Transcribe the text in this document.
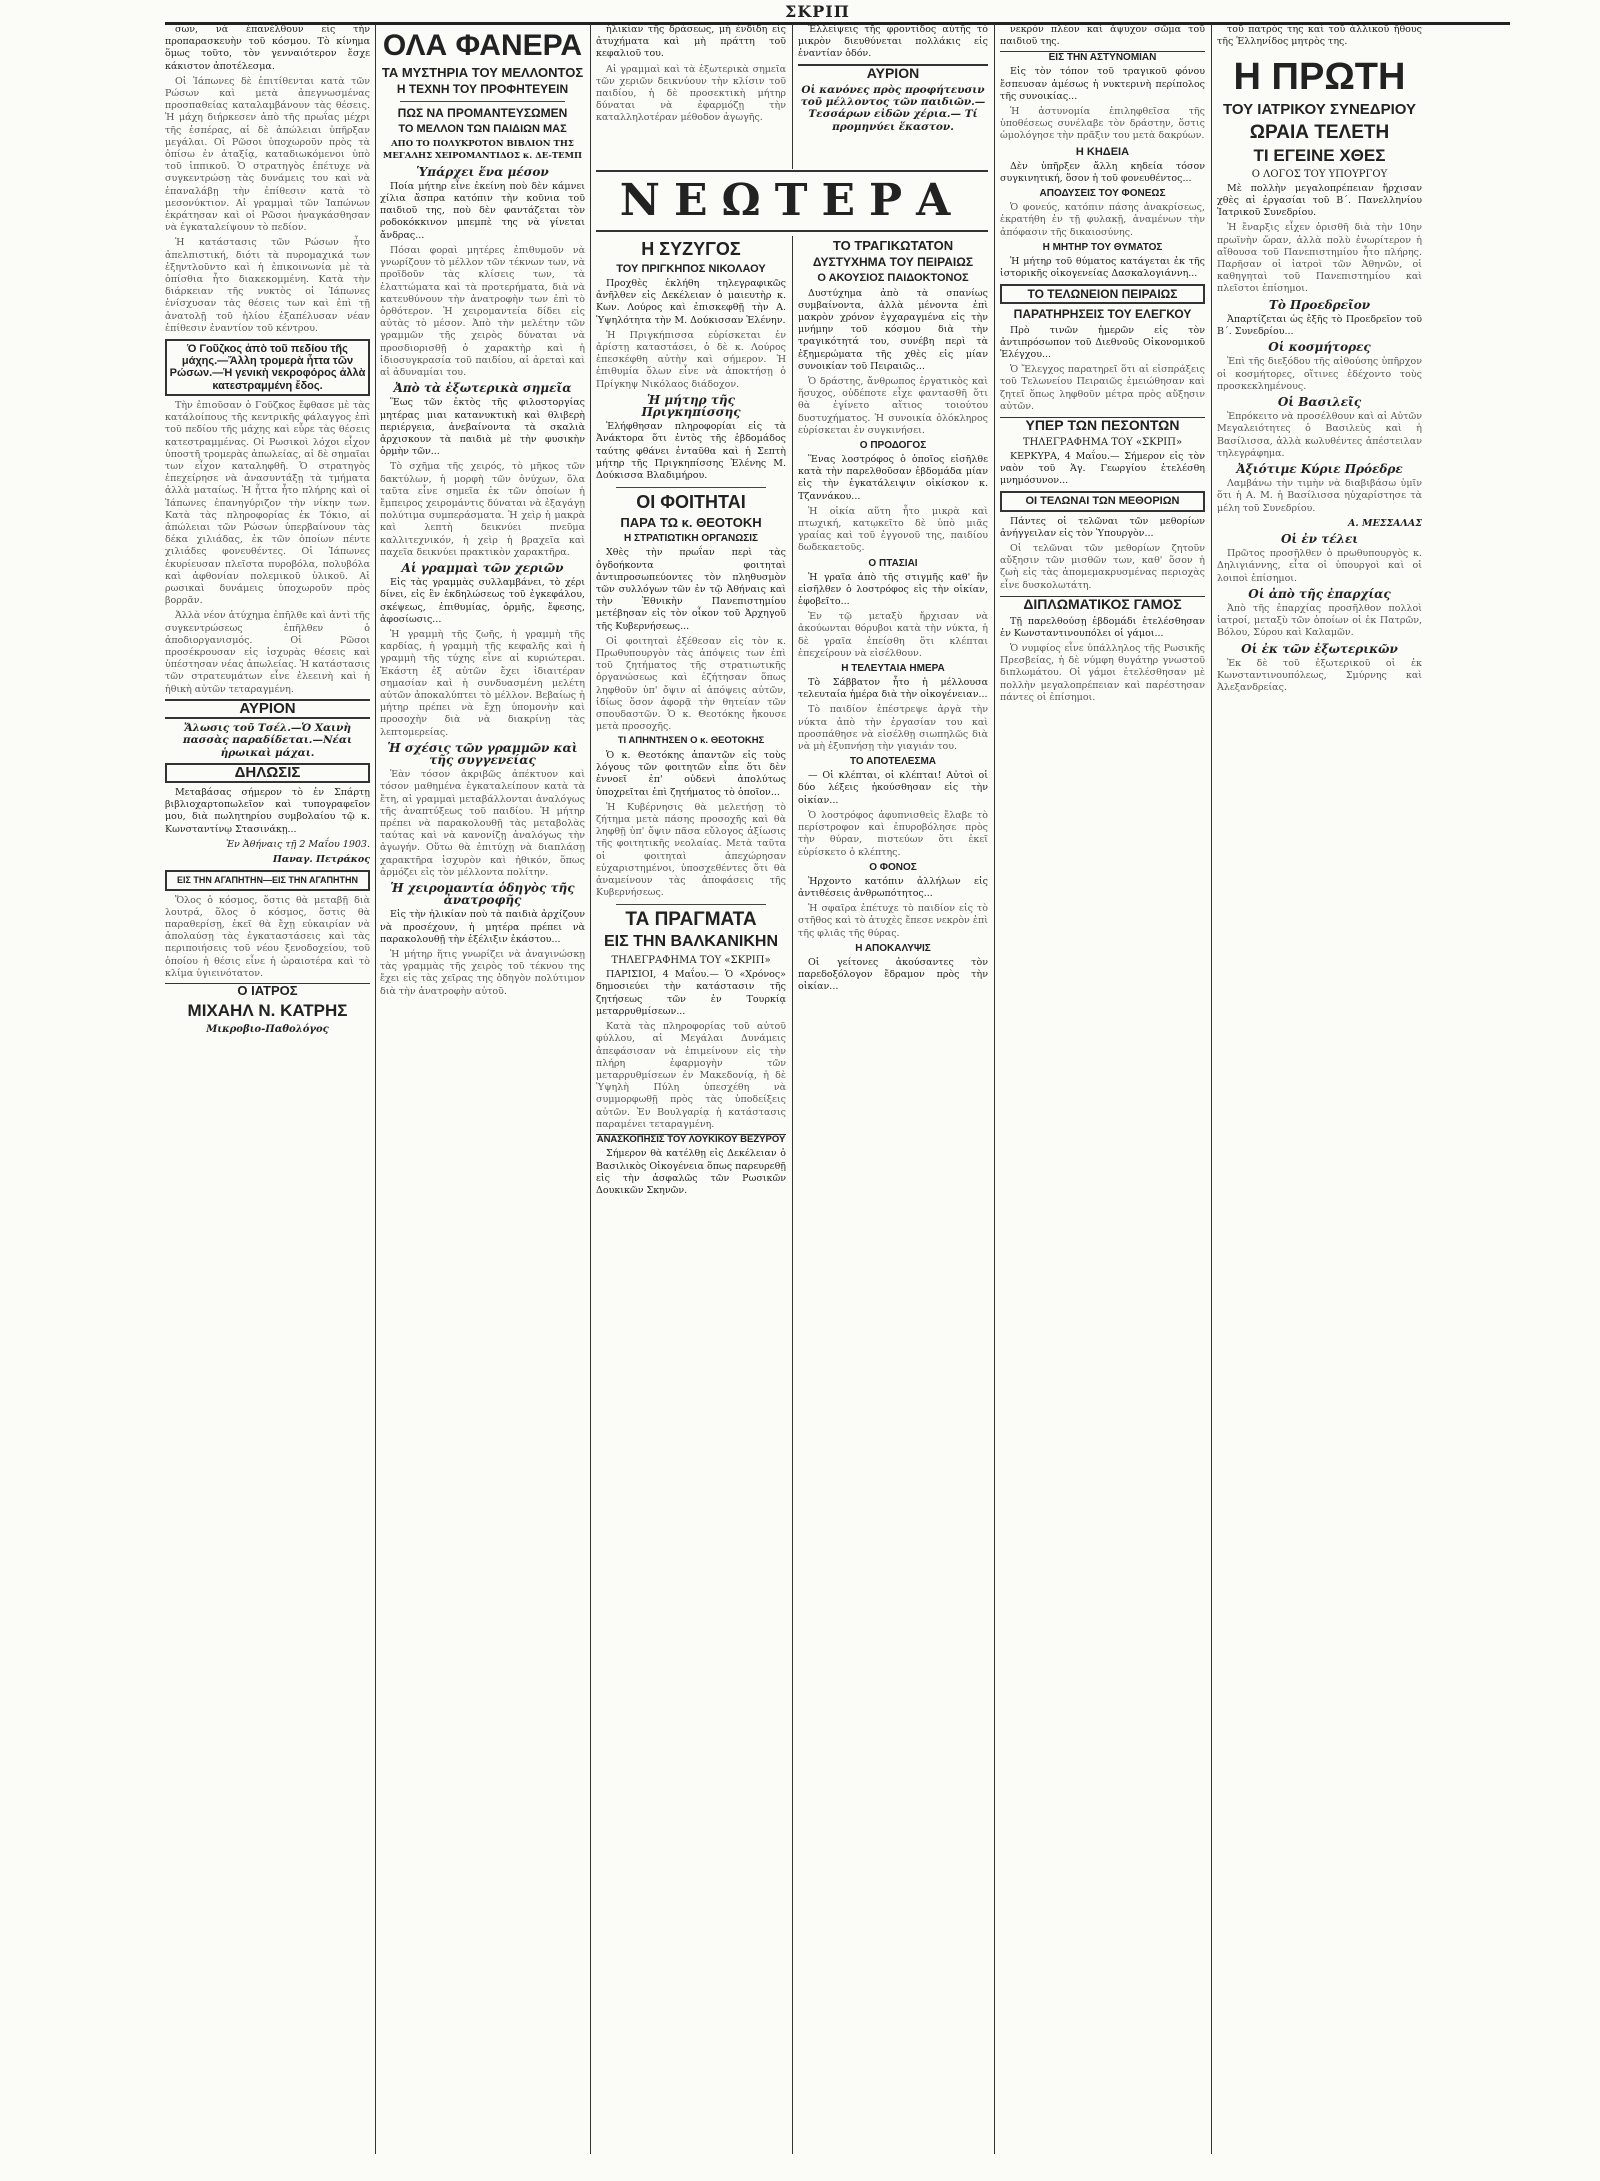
ΣΚΡΙΠ

σων, νὰ ἐπανέλθουν εἰς τὴν προπαρασκευὴν τοῦ κόσμου. Τὸ κίνημα ὅμως τοῦτο, τὸν γενναιότερον ἔσχε κάκιστον ἀποτέλεσμα.

Οἱ Ἰάπωνες δὲ ἐπιτίθενται κατὰ τῶν Ρώσων καὶ μετὰ ἀπεγνωσμένας προσπαθείας καταλαμβάνουν τὰς θέσεις. Ἡ μάχη διήρκεσεν ἀπὸ τῆς πρωΐας μέχρι τῆς ἑσπέρας, αἱ δὲ ἀπώλειαι ὑπῆρξαν μεγάλαι. Οἱ Ρῶσοι ὑποχωροῦν πρὸς τὰ ὀπίσω ἐν ἀταξίᾳ, καταδιωκόμενοι ὑπὸ τοῦ ἱππικοῦ. Ὁ στρατηγὸς ἐπέτυχε νὰ συγκεντρώσῃ τὰς δυνάμεις του καὶ νὰ ἐπαναλάβῃ τὴν ἐπίθεσιν κατὰ τὸ μεσονύκτιον. Αἱ γραμμαὶ τῶν Ἰαπώνων ἐκράτησαν καὶ οἱ Ρῶσοι ἠναγκάσθησαν νὰ ἐγκαταλείψουν τὸ πεδίον.

Ἡ κατάστασις τῶν Ρώσων ἦτο ἀπελπιστική, διότι τὰ πυρομαχικά των ἐξηντλοῦντο καὶ ἡ ἐπικοινωνία μὲ τὰ ὀπίσθια ἦτο διακεκομμένη. Κατὰ τὴν διάρκειαν τῆς νυκτὸς οἱ Ἰάπωνες ἐνίσχυσαν τὰς θέσεις των καὶ ἐπὶ τῇ ἀνατολῇ τοῦ ἡλίου ἐξαπέλυσαν νέαν ἐπίθεσιν ἐναντίον τοῦ κέντρου.

Ὁ Γοῦζκος ἀπὸ τοῦ πεδίου τῆς μάχης.—Ἄλλη τρομερὰ ἧττα τῶν Ρώσων.—Ἡ γενικὴ νεκροφόρος ἀλλὰ κατεστραμμένη ἔδος.

Τὴν ἐπιοῦσαν ὁ Γοῦζκος ἔφθασε μὲ τὰς κατάλοίπους τῆς κεντρικῆς φάλαγγος ἐπὶ τοῦ πεδίου τῆς μάχης καὶ εὗρε τὰς θέσεις κατεστραμμένας. Οἱ Ρωσικοὶ λόχοι εἶχον ὑποστῆ τρομερὰς ἀπωλείας, αἱ δὲ σημαῖαι των εἶχον καταληφθῆ. Ὁ στρατηγὸς ἐπεχείρησε νὰ ἀνασυντάξῃ τὰ τμήματα ἀλλὰ ματαίως. Ἡ ἧττα ἦτο πλήρης καὶ οἱ Ἰάπωνες ἐπανηγύριζον τὴν νίκην των. Κατὰ τὰς πληροφορίας ἐκ Τόκιο, αἱ ἀπώλειαι τῶν Ρώσων ὑπερβαίνουν τὰς δέκα χιλιάδας, ἐκ τῶν ὁποίων πέντε χιλιάδες φονευθέντες. Οἱ Ἰάπωνες ἐκυρίευσαν πλεῖστα πυροβόλα, πολυβόλα καὶ ἀφθονίαν πολεμικοῦ ὑλικοῦ. Αἱ ρωσικαὶ δυνάμεις ὑποχωροῦν πρὸς βορρᾶν.

Ἀλλὰ νέον ἀτύχημα ἐπῆλθε καὶ ἀντὶ τῆς συγκεντρώσεως ἐπῆλθεν ὁ ἀποδιοργανισμός. Οἱ Ρῶσοι προσέκρουσαν εἰς ἰσχυρὰς θέσεις καὶ ὑπέστησαν νέας ἀπωλείας. Ἡ κατάστασις τῶν στρατευμάτων εἶνε ἐλεεινὴ καὶ ἡ ἠθικὴ αὐτῶν τεταραγμένη.

ΑΥΡΙΟΝ
Ἄλωσις τοῦ Τσέλ.—Ὁ Χαινὴ πασσὰς παραδίδεται.—Νέαι ἡρωικαὶ μάχαι.
ΔΗΛΩΣΙΣ

Μεταβάσας σήμερον τὸ ἐν Σπάρτῃ βιβλιοχαρτοπωλεῖον καὶ τυπογραφεῖον μου, διὰ πωλητηρίου συμβολαίου τῷ κ. Κωνσταντίνῳ Στασινάκῃ...

Ἐν Ἀθήναις τῇ 2 Μαΐου 1903.

Παναγ. Πετράκος

ΕΙΣ ΤΗΝ ΑΓΑΠΗΤΗΝ—ΕΙΣ ΤΗΝ ΑΓΑΠΗΤΗΝ

Ὅλος ὁ κόσμος, ὅστις θὰ μεταβῇ διὰ λουτρά, ὅλος ὁ κόσμος, ὅστις θὰ παραθερίσῃ, ἐκεῖ θὰ ἔχῃ εὐκαιρίαν νὰ ἀπολαύσῃ τὰς ἐγκαταστάσεις καὶ τὰς περιποιήσεις τοῦ νέου ξενοδοχείου, τοῦ ὁποίου ἡ θέσις εἶνε ἡ ὡραιοτέρα καὶ τὸ κλίμα ὑγιεινότατον.

Ο ΙΑΤΡΟΣ
ΜΙΧΑΗΛ Ν. ΚΑΤΡΗΣ
Μικροβιο-Παθολόγος
ΟΛΑ ΦΑΝΕΡΑ
ΤΑ ΜΥΣΤΗΡΙΑ ΤΟΥ ΜΕΛΛΟΝΤΟΣ
Η ΤΕΧΝΗ ΤΟΥ ΠΡΟΦΗΤΕΥΕΙΝ
ΠΩΣ ΝΑ ΠΡΟΜΑΝΤΕΥΣΩΜΕΝ
ΤΟ ΜΕΛΛΟΝ ΤΩΝ ΠΑΙΔΙΩΝ ΜΑΣ
ΑΠΟ ΤΟ ΠΟΛΥΚΡΟΤΟΝ ΒΙΒΛΙΟΝ ΤΗΣ ΜΕΓΑΛΗΣ ΧΕΙΡΟΜΑΝΤΙΔΟΣ κ. ΔΕ-ΤΕΜΠ
Ὑπάρχει ἕνα μέσον

Ποία μήτηρ εἶνε ἐκείνη ποὺ δὲν κάμνει χίλια ἄσπρα κατόπιν τὴν κοῦνια τοῦ παιδιοῦ της, ποὺ δὲν φαντάζεται τὸν ροδοκόκκινον μπεμπὲ της νὰ γίνεται ἄνδρας...

Πόσαι φοραὶ μητέρες ἐπιθυμοῦν νὰ γνωρίζουν τὸ μέλλον τῶν τέκνων των, νὰ προϊδοῦν τὰς κλίσεις των, τὰ ἐλαττώματα καὶ τὰ προτερήματα, διὰ νὰ κατευθύνουν τὴν ἀνατροφὴν των ἐπὶ τὸ ὀρθότερον. Ἡ χειρομαντεία δίδει εἰς αὐτὰς τὸ μέσον. Ἀπὸ τὴν μελέτην τῶν γραμμῶν τῆς χειρὸς δύναται νὰ προσδιορισθῇ ὁ χαρακτὴρ καὶ ἡ ἰδιοσυγκρασία τοῦ παιδίου, αἱ ἀρεταὶ καὶ αἱ ἀδυναμίαι του.

Ἀπὸ τὰ ἐξωτερικὰ σημεῖα

Ἕως τῶν ἐκτὸς τῆς φιλοστοργίας μητέρας μιαι κατανυκτικὴ καὶ θλιβερὴ περιέργεια, ἀνεβαίνοντα τὰ σκαλιὰ ἀρχισκουν τὰ παιδιὰ μὲ τὴν φυσικὴν ὁρμὴν τῶν...

Τὸ σχῆμα τῆς χειρός, τὸ μῆκος τῶν δακτύλων, ἡ μορφὴ τῶν ὀνύχων, ὅλα ταῦτα εἶνε σημεῖα ἐκ τῶν ὁποίων ἡ ἔμπειρος χειρομάντις δύναται νὰ ἐξαγάγῃ πολύτιμα συμπεράσματα. Ἡ χεὶρ ἡ μακρὰ καὶ λεπτὴ δεικνύει πνεῦμα καλλιτεχνικόν, ἡ χεὶρ ἡ βραχεῖα καὶ παχεῖα δεικνύει πρακτικὸν χαρακτῆρα.

Αἱ γραμμαὶ τῶν χεριῶν

Εἰς τὰς γραμμὰς συλλαμβάνει, τὸ χέρι δίνει, εἰς ἓν ἐκδηλώσεως τοῦ ἐγκεφάλου, σκέψεως, ἐπιθυμίας, ὁρμῆς, ἔφεσης, ἀφοσίωσις...

Ἡ γραμμὴ τῆς ζωῆς, ἡ γραμμὴ τῆς καρδίας, ἡ γραμμὴ τῆς κεφαλῆς καὶ ἡ γραμμὴ τῆς τύχης εἶνε αἱ κυριώτεραι. Ἑκάστη ἐξ αὐτῶν ἔχει ἰδιαιτέραν σημασίαν καὶ ἡ συνδυασμένη μελέτη αὐτῶν ἀποκαλύπτει τὸ μέλλον. Βεβαίως ἡ μήτηρ πρέπει νὰ ἔχῃ ὑπομονὴν καὶ προσοχὴν διὰ νὰ διακρίνῃ τὰς λεπτομερείας.

Ἡ σχέσις τῶν γραμμῶν καὶ τῆς συγγενείας

Ἐὰν τόσον ἀκριβῶς ἀπέκτυον καὶ τόσον μαθημένα ἐγκαταλείπουν κατὰ τὰ ἔτη, αἱ γραμμαὶ μεταβάλλονται ἀναλόγως τῆς ἀναπτύξεως τοῦ παιδίου. Ἡ μήτηρ πρέπει νὰ παρακολουθῇ τὰς μεταβολὰς ταύτας καὶ νὰ κανονίζῃ ἀναλόγως τὴν ἀγωγήν. Οὕτω θὰ ἐπιτύχῃ νὰ διαπλάσῃ χαρακτῆρα ἰσχυρὸν καὶ ἠθικόν, ὅπως ἀρμόζει εἰς τὸν μέλλοντα πολίτην.

Ἡ χειρομαντία ὁδηγὸς τῆς ἀνατροφῆς

Εἰς τὴν ἠλικίαν ποὺ τὰ παιδιὰ ἀρχίζουν νὰ προσέχουν, ἡ μητέρα πρέπει νὰ παρακολουθῇ τὴν ἐξέλιξιν ἑκάστου...

Ἡ μήτηρ ἥτις γνωρίζει νὰ ἀναγινώσκῃ τὰς γραμμὰς τῆς χειρὸς τοῦ τέκνου της ἔχει εἰς τὰς χεῖρας της ὁδηγὸν πολύτιμον διὰ τὴν ἀνατροφὴν αὐτοῦ.

ἡλικίαν τῆς δράσεως, μὴ ἐνδίδη εἰς ἀτυχήματα καὶ μὴ πράττη τοῦ κεφαλιοῦ του.

Αἱ γραμμαὶ καὶ τὰ ἐξωτερικὰ σημεῖα τῶν χεριῶν δεικνύουν τὴν κλίσιν τοῦ παιδίου, ἡ δὲ προσεκτικὴ μήτηρ δύναται νὰ ἐφαρμόζῃ τὴν καταλληλοτέραν μέθοδον ἀγωγῆς.

Ἐλλείψεις τῆς φροντίδος αὐτῆς τὸ μικρὸν διευθύνεται πολλάκις εἰς ἐναντίαν ὁδόν.

ΑΥΡΙΟΝ
Οἱ κανόνες πρὸς προφήτευσιν τοῦ μέλλοντος τῶν παιδιῶν.— Τεσσάρων εἰδῶν χέρια.— Τί προμηνύει ἕκαστον.
ΝΕΩΤΕΡΑ
Η ΣΥΖΥΓΟΣ
ΤΟΥ ΠΡΙΓΚΗΠΟΣ ΝΙΚΟΛΑΟΥ

Προχθὲς ἐκλήθη τηλεγραφικῶς ἀνῆλθεν εἰς Δεκέλειαν ὁ μαιευτὴρ κ. Κων. Λούρος καὶ ἐπισκεφθῇ τὴν Α. Ὑψηλότητα τὴν Μ. Δούκισσαν Ἑλένην.

Ἡ Πριγκήπισσα εὑρίσκεται ἐν ἀρίστῃ καταστάσει, ὁ δὲ κ. Λούρος ἐπεσκέφθη αὐτὴν καὶ σήμερον. Ἡ ἐπιθυμία ὅλων εἶνε νὰ ἀποκτήσῃ ὁ Πρίγκηψ Νικόλαος διάδοχον.

Ἡ μήτηρ τῆς Πριγκηπίσσης

Ἐλήφθησαν πληροφορίαι εἰς τὰ Ἀνάκτορα ὅτι ἐντὸς τῆς ἑβδομάδος ταύτης φθάνει ἐνταῦθα καὶ ἡ Σεπτὴ μήτηρ τῆς Πριγκηπίσσης Ἑλένης Μ. Δούκισσα Βλαδιμήρου.

ΟΙ ΦΟΙΤΗΤΑΙ
ΠΑΡΑ ΤΩ κ. ΘΕΟΤΟΚΗ
Η ΣΤΡΑΤΙΩΤΙΚΗ ΟΡΓΑΝΩΣΙΣ

Χθὲς τὴν πρωΐαν περὶ τὰς ὀγδοήκοντα φοιτηταὶ ἀντιπροσωπεύοντες τὸν πληθυσμὸν τῶν συλλόγων τῶν ἐν τῷ Ἀθήναις καὶ τὴν Ἐθνικὴν Πανεπιστημίου μετέβησαν εἰς τὸν οἶκον τοῦ Ἀρχηγοῦ τῆς Κυβερνήσεως...

Οἱ φοιτηταὶ ἐξέθεσαν εἰς τὸν κ. Πρωθυπουργὸν τὰς ἀπόψεις των ἐπὶ τοῦ ζητήματος τῆς στρατιωτικῆς ὀργανώσεως καὶ ἐζήτησαν ὅπως ληφθοῦν ὑπ' ὄψιν αἱ ἀπόψεις αὐτῶν, ἰδίως ὅσον ἀφορᾷ τὴν θητείαν τῶν σπουδαστῶν. Ὁ κ. Θεοτόκης ἤκουσε μετὰ προσοχῆς.

ΤΙ ΑΠΗΝΤΗΣΕΝ Ο κ. ΘΕΟΤΟΚΗΣ

Ὁ κ. Θεοτόκης ἀπαντῶν εἰς τοὺς λόγους τῶν φοιτητῶν εἶπε ὅτι δὲν ἐννοεῖ ἐπ' οὐδενὶ ἀπολύτως ὑποχρεῖται ἐπὶ ζητήματος τὸ ὁποῖον...

Ἡ Κυβέρνησις θὰ μελετήσῃ τὸ ζήτημα μετὰ πάσης προσοχῆς καὶ θὰ ληφθῇ ὑπ' ὄψιν πᾶσα εὔλογος ἀξίωσις τῆς φοιτητικῆς νεολαίας. Μετὰ ταῦτα οἱ φοιτηταὶ ἀπεχώρησαν εὐχαριστημένοι, ὑποσχεθέντες ὅτι θὰ ἀναμείνουν τὰς ἀποφάσεις τῆς Κυβερνήσεως.

ΤΑ ΠΡΑΓΜΑΤΑ
ΕΙΣ ΤΗΝ ΒΑΛΚΑΝΙΚΗΝ
ΤΗΛΕΓΡΑΦΗΜΑ ΤΟΥ «ΣΚΡΙΠ»

ΠΑΡΙΣΙΟΙ, 4 Μαΐου.— Ὁ «Χρόνος» δημοσιεύει τὴν κατάστασιν τῆς ζητήσεως τῶν ἐν Τουρκίᾳ μεταρρυθμίσεων...

Κατὰ τὰς πληροφορίας τοῦ αὐτοῦ φύλλου, αἱ Μεγάλαι Δυνάμεις ἀπεφάσισαν νὰ ἐπιμείνουν εἰς τὴν πλήρη ἐφαρμογὴν τῶν μεταρρυθμίσεων ἐν Μακεδονίᾳ, ἡ δὲ Ὑψηλὴ Πύλη ὑπεσχέθη νὰ συμμορφωθῇ πρὸς τὰς ὑποδείξεις αὐτῶν. Ἐν Βουλγαρίᾳ ἡ κατάστασις παραμένει τεταραγμένη.

ΑΝΑΣΚΟΠΗΣΙΣ ΤΟΥ ΛΟΥΚΙΚΟΥ ΒΕΖΥΡΟΥ

Σήμερον θὰ κατέλθῃ εἰς Δεκέλειαν ὁ Βασιλικὸς Οἰκογένεια ὅπως παρευρεθῇ εἰς τὴν ἀσφαλῶς τῶν Ρωσικῶν Δουκικῶν Σκηνῶν.

ΤΟ ΤΡΑΓΙΚΩΤΑΤΟΝ
ΔΥΣΤΥΧΗΜΑ ΤΟΥ ΠΕΙΡΑΙΩΣ
Ο ΑΚΟΥΣΙΟΣ ΠΑΙΔΟΚΤΟΝΟΣ

Δυστύχημα ἀπὸ τὰ σπανίως συμβαίνοντα, ἀλλὰ μένοντα ἐπὶ μακρὸν χρόνον ἐγχαραγμένα εἰς τὴν μνήμην τοῦ κόσμου διὰ τὴν τραγικότητά του, συνέβη περὶ τὰ ἐξημερώματα τῆς χθὲς εἰς μίαν συνοικίαν τοῦ Πειραιῶς...

Ὁ δράστης, ἄνθρωπος ἐργατικὸς καὶ ἥσυχος, οὐδέποτε εἶχε φαντασθῆ ὅτι θὰ ἐγίνετο αἴτιος τοιούτου δυστυχήματος. Ἡ συνοικία ὁλόκληρος εὑρίσκεται ἐν συγκινήσει.

Ο ΠΡΟΔΟΓΟΣ

Ἕνας λοστρόφος ὁ ὁποῖος εἰσῆλθε κατὰ τὴν παρελθοῦσαν ἑβδομάδα μίαν εἰς τὴν ἐγκατάλειψιν οἰκίσκον κ. Τζαννάκου...

Ἡ οἰκία αὕτη ἦτο μικρὰ καὶ πτωχική, κατῳκεῖτο δὲ ὑπὸ μιᾶς γραίας καὶ τοῦ ἐγγονοῦ της, παιδίου δωδεκαετοῦς.

Ο ΠΤΑΣΙΑΙ

Ἡ γραῖα ἀπὸ τῆς στιγμῆς καθ' ἣν εἰσῆλθεν ὁ λοστρόφος εἰς τὴν οἰκίαν, ἐφοβεῖτο...

Ἐν τῷ μεταξὺ ἤρχισαν νὰ ἀκούωνται θόρυβοι κατὰ τὴν νύκτα, ἡ δὲ γραῖα ἐπείσθη ὅτι κλέπται ἐπεχείρουν νὰ εἰσέλθουν.

Η ΤΕΛΕΥΤΑΙΑ ΗΜΕΡΑ

Τὸ Σάββατον ἦτο ἡ μέλλουσα τελευταία ἡμέρα διὰ τὴν οἰκογένειαν...

Τὸ παιδίον ἐπέστρεψε ἀργὰ τὴν νύκτα ἀπὸ τὴν ἐργασίαν του καὶ προσπάθησε νὰ εἰσέλθῃ σιωπηλῶς διὰ νὰ μὴ ἐξυπνήσῃ τὴν γιαγιάν του.

ΤΟ ΑΠΟΤΕΛΕΣΜΑ

— Οἱ κλέπται, οἱ κλέπται! Αὐτοὶ οἱ δύο λέξεις ἠκούσθησαν εἰς τὴν οἰκίαν...

Ὁ λοστρόφος ἀφυπνισθεὶς ἔλαβε τὸ περίστροφον καὶ ἐπυροβόλησε πρὸς τὴν θύραν, πιστεύων ὅτι ἐκεῖ εὑρίσκετο ὁ κλέπτης.

Ο ΦΟΝΟΣ

Ἠρχοντο κατόπιν ἀλλήλων εἰς ἀντιθέσεις ἀνθρωπότητος...

Ἡ σφαῖρα ἐπέτυχε τὸ παιδίον εἰς τὸ στῆθος καὶ τὸ ἀτυχὲς ἔπεσε νεκρὸν ἐπὶ τῆς φλιᾶς τῆς θύρας.

Η ΑΠΟΚΑΛΥΨΙΣ

Οἱ γείτονες ἀκούσαντες τὸν παρεδοξόλογον ἔδραμον πρὸς τὴν οἰκίαν...

νεκρὸν πλέον καὶ ἄψυχον σῶμα τοῦ παιδιοῦ της.

ΕΙΣ ΤΗΝ ΑΣΤΥΝΟΜΙΑΝ

Εἰς τὸν τόπον τοῦ τραγικοῦ φόνου ἔσπευσαν ἀμέσως ἡ νυκτερινὴ περίπολος τῆς συνοικίας...

Ἡ ἀστυνομία ἐπιληφθεῖσα τῆς ὑποθέσεως συνέλαβε τὸν δράστην, ὅστις ὡμολόγησε τὴν πρᾶξιν του μετὰ δακρύων.

Η ΚΗΔΕΙΑ

Δὲν ὑπῆρξεν ἄλλη κηδεία τόσον συγκινητική, ὅσον ἡ τοῦ φονευθέντος...

ΑΠΟΔΥΣΕΙΣ ΤΟΥ ΦΟΝΕΩΣ

Ὁ φονεύς, κατόπιν πάσης ἀνακρίσεως, ἐκρατήθη ἐν τῇ φυλακῇ, ἀναμένων τὴν ἀπόφασιν τῆς δικαιοσύνης.

Η ΜΗΤΗΡ ΤΟΥ ΘΥΜΑΤΟΣ

Ἡ μήτηρ τοῦ θύματος κατάγεται ἐκ τῆς ἱστορικῆς οἰκογενείας Δασκαλογιάννη...

ΤΟ ΤΕΛΩΝΕΙΟΝ ΠΕΙΡΑΙΩΣ
ΠΑΡΑΤΗΡΗΣΕΙΣ ΤΟΥ ΕΛΕΓΚΟΥ

Πρὸ τινῶν ἡμερῶν εἰς τὸν ἀντιπρόσωπον τοῦ Διεθνοῦς Οἰκονομικοῦ Ἐλέγχου...

Ὁ Ἔλεγχος παρατηρεῖ ὅτι αἱ εἰσπράξεις τοῦ Τελωνείου Πειραιῶς ἐμειώθησαν καὶ ζητεῖ ὅπως ληφθοῦν μέτρα πρὸς αὔξησιν αὐτῶν.

ΥΠΕΡ ΤΩΝ ΠΕΣΟΝΤΩΝ
ΤΗΛΕΓΡΑΦΗΜΑ ΤΟΥ «ΣΚΡΙΠ»

ΚΕΡΚΥΡΑ, 4 Μαΐου.— Σήμερον εἰς τὸν ναὸν τοῦ Ἁγ. Γεωργίου ἐτελέσθη μνημόσυνον...

ΟΙ ΤΕΛΩΝΑΙ ΤΩΝ ΜΕΘΟΡΙΩΝ

Πάντες οἱ τελῶναι τῶν μεθορίων ἀνήγγειλαν εἰς τὸν Ὑπουργὸν...

Οἱ τελῶναι τῶν μεθορίων ζητοῦν αὔξησιν τῶν μισθῶν των, καθ' ὅσον ἡ ζωὴ εἰς τὰς ἀπομεμακρυσμένας περιοχὰς εἶνε δυσκολωτάτη.

ΔΙΠΛΩΜΑΤΙΚΟΣ ΓΑΜΟΣ

Τῇ παρελθούσῃ ἑβδομάδι ἐτελέσθησαν ἐν Κωνσταντινουπόλει οἱ γάμοι...

Ὁ νυμφίος εἶνε ὑπάλληλος τῆς Ρωσικῆς Πρεσβείας, ἡ δὲ νύμφη θυγάτηρ γνωστοῦ διπλωμάτου. Οἱ γάμοι ἐτελέσθησαν μὲ πολλὴν μεγαλοπρέπειαν καὶ παρέστησαν πάντες οἱ ἐπίσημοι.

τοῦ πατρὸς της καὶ τοῦ ἀλλικοῦ ἤθους τῆς Ἑλληνίδος μητρὸς της.

Η ΠΡΩΤΗ
ΤΟΥ ΙΑΤΡΙΚΟΥ ΣΥΝΕΔΡΙΟΥ
ΩΡΑΙΑ ΤΕΛΕΤΗ
ΤΙ ΕΓΕΙΝΕ ΧΘΕΣ
Ο ΛΟΓΟΣ ΤΟΥ ΥΠΟΥΡΓΟΥ

Μὲ πολλὴν μεγαλοπρέπειαν ἤρχισαν χθὲς αἱ ἐργασίαι τοῦ Β΄. Πανελληνίου Ἰατρικοῦ Συνεδρίου.

Ἡ ἔναρξις εἶχεν ὁρισθῆ διὰ τὴν 10ην πρωϊνὴν ὥραν, ἀλλὰ πολὺ ἐνωρίτερον ἡ αἴθουσα τοῦ Πανεπιστημίου ἦτο πλήρης. Παρῆσαν οἱ ἰατροὶ τῶν Ἀθηνῶν, οἱ καθηγηταὶ τοῦ Πανεπιστημίου καὶ πλεῖστοι ἐπίσημοι.

Τὸ Προεδρεῖον

Ἀπαρτίζεται ὡς ἑξῆς τὸ Προεδρεῖον τοῦ Β΄. Συνεδρίου...

Οἱ κοσμήτορες

Ἐπὶ τῆς διεξόδου τῆς αἰθούσης ὑπῆρχον οἱ κοσμήτορες, οἵτινες ἐδέχοντο τοὺς προσκεκλημένους.

Οἱ Βασιλεῖς

Ἐπρόκειτο νὰ προσέλθουν καὶ αἱ Αὐτῶν Μεγαλειότητες ὁ Βασιλεὺς καὶ ἡ Βασίλισσα, ἀλλὰ κωλυθέντες ἀπέστειλαν τηλεγράφημα.

Ἀξιότιμε Κύριε Πρόεδρε

Λαμβάνω τὴν τιμὴν νὰ διαβιβάσω ὑμῖν ὅτι ἡ Α. Μ. ἡ Βασίλισσα ηὐχαρίστησε τὰ μέλη τοῦ Συνεδρίου.

Α. ΜΕΣΣΑΛΑΣ

Οἱ ἐν τέλει

Πρῶτος προσῆλθεν ὁ πρωθυπουργὸς κ. Δηλιγιάννης, εἶτα οἱ ὑπουργοὶ καὶ οἱ λοιποὶ ἐπίσημοι.

Οἱ ἀπὸ τῆς ἐπαρχίας

Ἀπὸ τῆς ἐπαρχίας προσῆλθον πολλοὶ ἰατροί, μεταξὺ τῶν ὁποίων οἱ ἐκ Πατρῶν, Βόλου, Σύρου καὶ Καλαμῶν.

Οἱ ἐκ τῶν ἐξωτερικῶν

Ἐκ δὲ τοῦ ἐξωτερικοῦ οἱ ἐκ Κωνσταντινουπόλεως, Σμύρνης καὶ Ἀλεξανδρείας.
